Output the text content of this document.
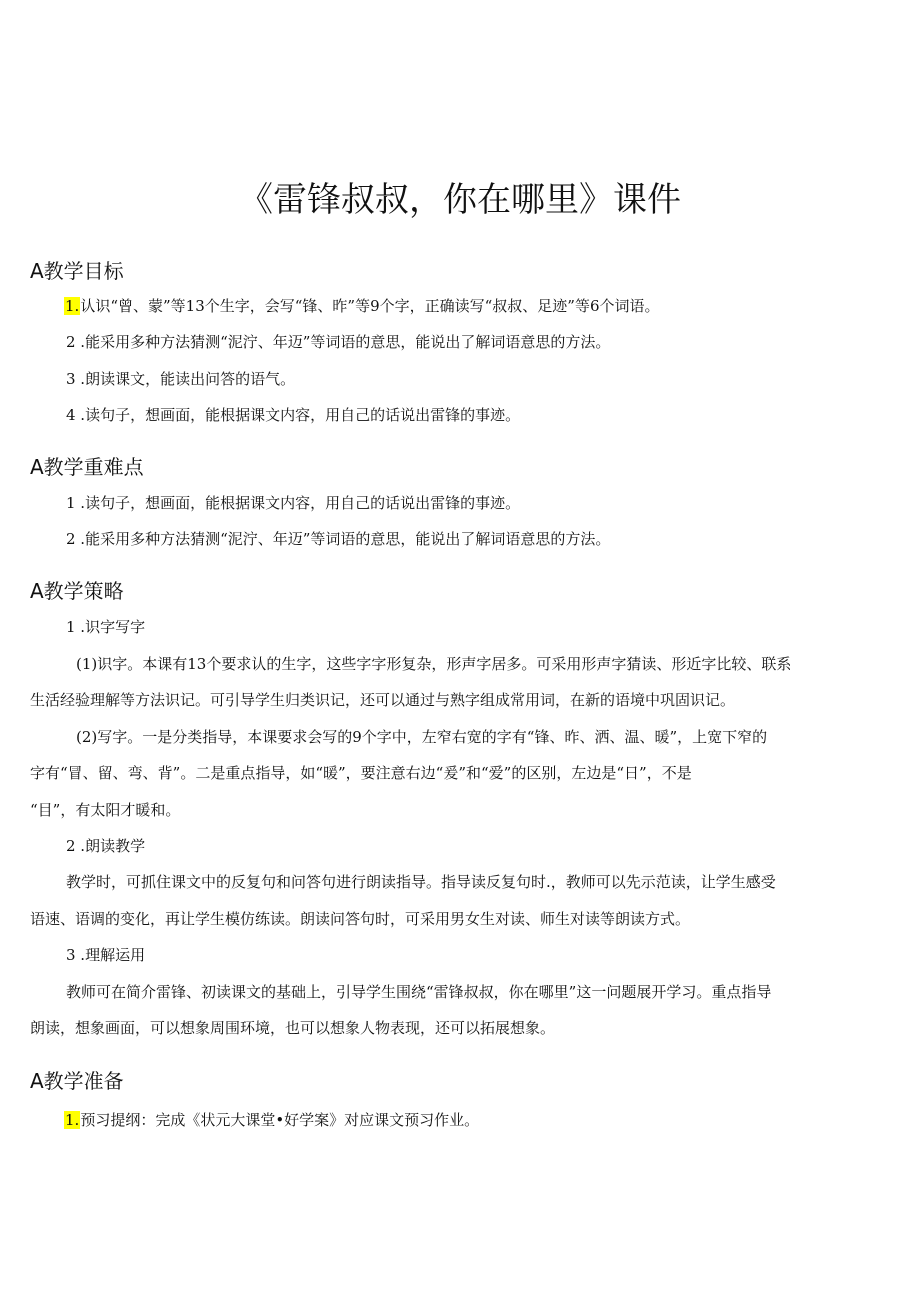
《雷锋叔叔，你在哪里》课件
A教学目标

1.认识“曾、蒙”等13个生字，会写“锋、昨”等9个字，正确读写“叔叔、足迹”等6个词语。

2 .能采用多种方法猜测“泥泞、年迈”等词语的意思，能说出了解词语意思的方法。

3 .朗读课文，能读出问答的语气。

4 .读句子，想画面，能根据课文内容，用自己的话说出雷锋的事迹。

A教学重难点

1 .读句子，想画面，能根据课文内容，用自己的话说出雷锋的事迹。

2 .能采用多种方法猜测“泥泞、年迈”等词语的意思，能说出了解词语意思的方法。

A教学策略

1 .识字写字

(1)识字。本课有13个要求认的生字，这些字字形复杂，形声字居多。可采用形声字猜读、形近字比较、联系

生活经验理解等方法识记。可引导学生归类识记，还可以通过与熟字组成常用词，在新的语境中巩固识记。

(2)写字。一是分类指导，本课要求会写的9个字中，左窄右宽的字有“锋、昨、洒、温、暖”，上宽下窄的

字有“冒、留、弯、背”。二是重点指导，如“暖”，要注意右边“爰”和“爱”的区别，左边是“日”，不是

“目”，有太阳才暖和。

2 .朗读教学

教学时，可抓住课文中的反复句和问答句进行朗读指导。指导读反复句时.，教师可以先示范读，让学生感受

语速、语调的变化，再让学生模仿练读。朗读问答句时，可采用男女生对读、师生对读等朗读方式。

3 .理解运用

教师可在简介雷锋、初读课文的基础上，引导学生围绕“雷锋叔叔，你在哪里”这一问题展开学习。重点指导

朗读，想象画面，可以想象周围环境，也可以想象人物表现，还可以拓展想象。

A教学准备

1.预习提纲：完成《状元大课堂•好学案》对应课文预习作业。
